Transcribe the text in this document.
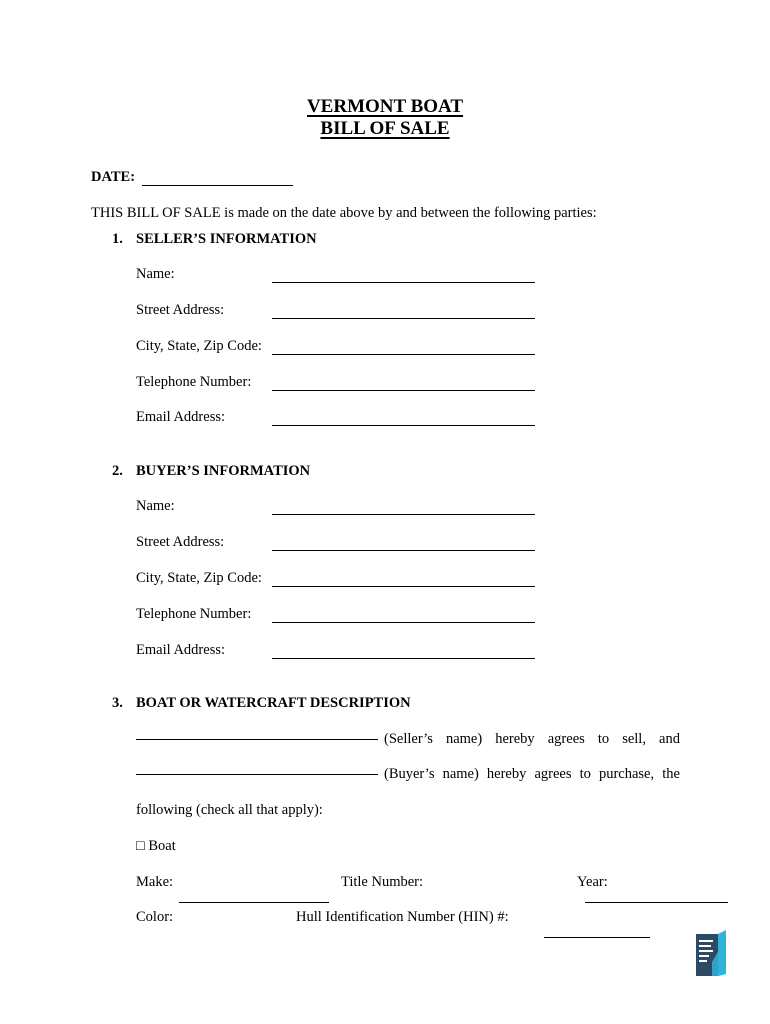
VERMONT BOAT
BILL OF SALE
DATE:
THIS BILL OF SALE is made on the date above by and between the following parties:
1. SELLER’S INFORMATION
Name:
Street Address:
City, State, Zip Code:
Telephone Number:
Email Address:
2. BUYER’S INFORMATION
Name:
Street Address:
City, State, Zip Code:
Telephone Number:
Email Address:
3. BOAT OR WATERCRAFT DESCRIPTION
(Seller’s name) hereby agrees to sell, and
(Buyer’s name) hereby agrees to purchase, the
following (check all that apply):
□ Boat
Make:
	Title Number:
	Year:

Color:
	Hull Identification Number (HIN) #:
